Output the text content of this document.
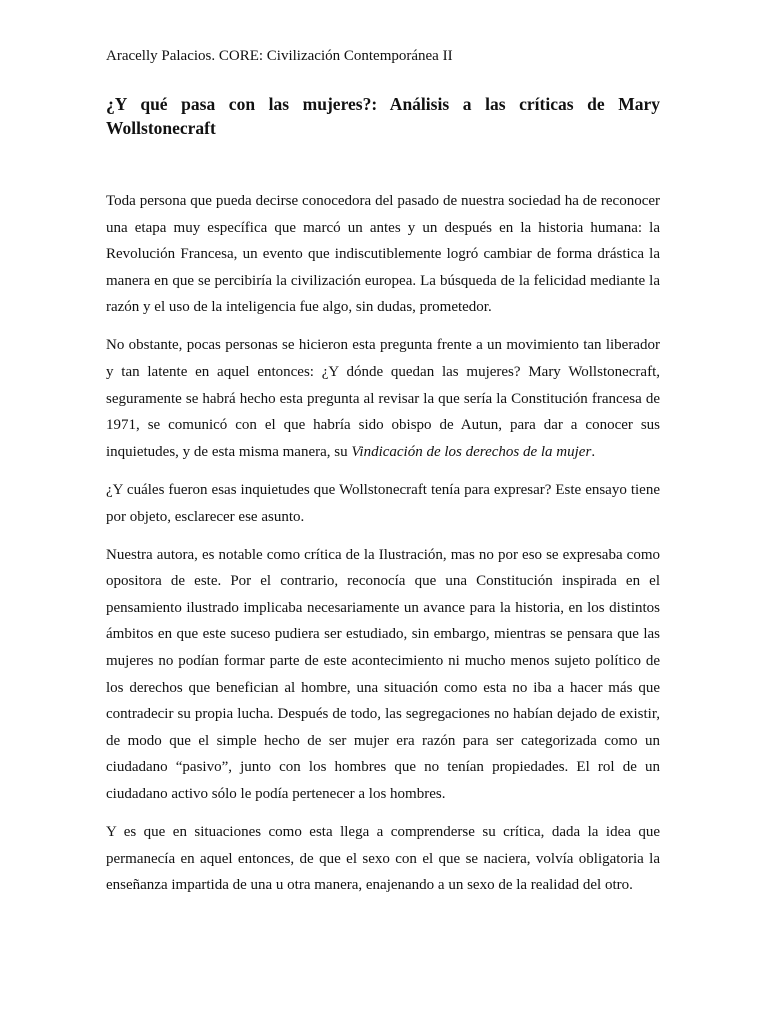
Aracelly Palacios. CORE: Civilización Contemporánea II
¿Y qué pasa con las mujeres?: Análisis a las críticas de Mary Wollstonecraft

Toda persona que pueda decirse conocedora del pasado de nuestra sociedad ha de reconocer una etapa muy específica que marcó un antes y un después en la historia humana: la Revolución Francesa, un evento que indiscutiblemente logró cambiar de forma drástica la manera en que se percibiría la civilización europea. La búsqueda de la felicidad mediante la razón y el uso de la inteligencia fue algo, sin dudas, prometedor.

No obstante, pocas personas se hicieron esta pregunta frente a un movimiento tan liberador y tan latente en aquel entonces: ¿Y dónde quedan las mujeres? Mary Wollstonecraft, seguramente se habrá hecho esta pregunta al revisar la que sería la Constitución francesa de 1971, se comunicó con el que habría sido obispo de Autun, para dar a conocer sus inquietudes, y de esta misma manera, su Vindicación de los derechos de la mujer.

¿Y cuáles fueron esas inquietudes que Wollstonecraft tenía para expresar? Este ensayo tiene por objeto, esclarecer ese asunto.

Nuestra autora, es notable como crítica de la Ilustración, mas no por eso se expresaba como opositora de este. Por el contrario, reconocía que una Constitución inspirada en el pensamiento ilustrado implicaba necesariamente un avance para la historia, en los distintos ámbitos en que este suceso pudiera ser estudiado, sin embargo, mientras se pensara que las mujeres no podían formar parte de este acontecimiento ni mucho menos sujeto político de los derechos que benefician al hombre, una situación como esta no iba a hacer más que contradecir su propia lucha. Después de todo, las segregaciones no habían dejado de existir, de modo que el simple hecho de ser mujer era razón para ser categorizada como un ciudadano “pasivo”, junto con los hombres que no tenían propiedades. El rol de un ciudadano activo sólo le podía pertenecer a los hombres.

Y es que en situaciones como esta llega a comprenderse su crítica, dada la idea que permanecía en aquel entonces, de que el sexo con el que se naciera, volvía obligatoria la enseñanza impartida de una u otra manera, enajenando a un sexo de la realidad del otro.
